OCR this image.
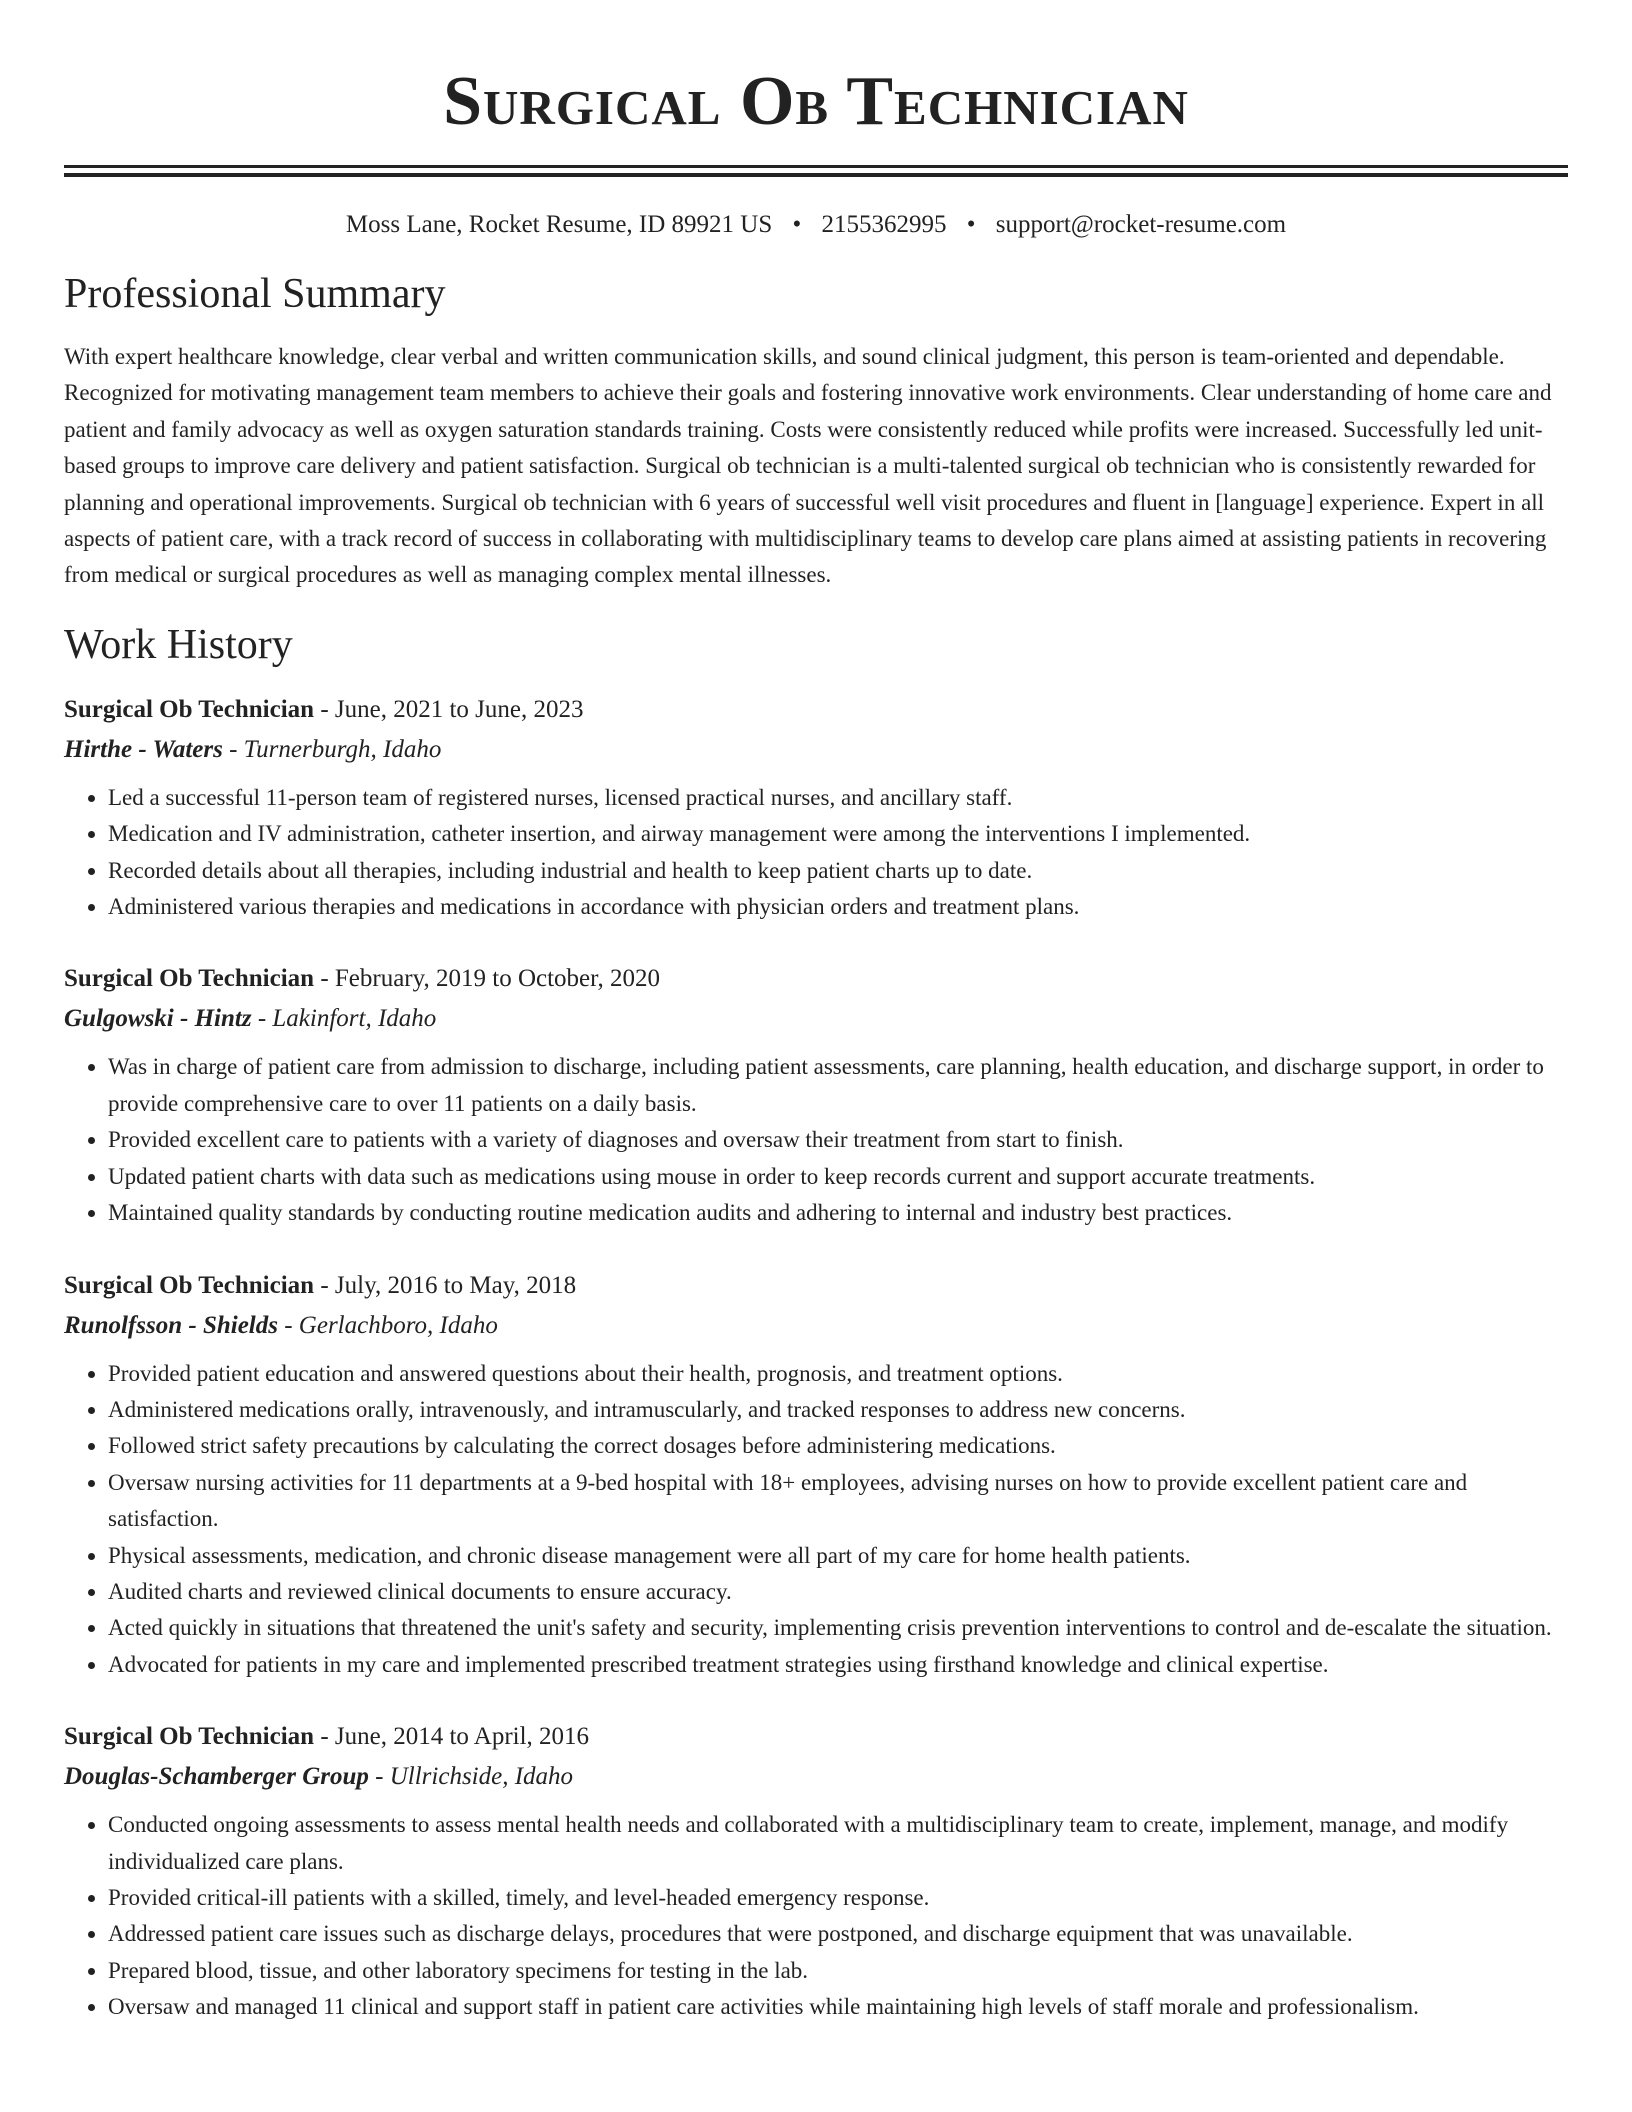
Surgical Ob Technician
Moss Lane, Rocket Resume, ID 89921 US • 2155362995 • support@rocket-resume.com
Professional Summary

With expert healthcare knowledge, clear verbal and written communication skills, and sound clinical judgment, this person is team-oriented and dependable. Recognized for motivating management team members to achieve their goals and fostering innovative work environments. Clear understanding of home care and patient and family advocacy as well as oxygen saturation standards training. Costs were consistently reduced while profits were increased. Successfully led unit-based groups to improve care delivery and patient satisfaction. Surgical ob technician is a multi-talented surgical ob technician who is consistently rewarded for planning and operational improvements. Surgical ob technician with 6 years of successful well visit procedures and fluent in [language] experience. Expert in all aspects of patient care, with a track record of success in collaborating with multidisciplinary teams to develop care plans aimed at assisting patients in recovering from medical or surgical procedures as well as managing complex mental illnesses.

Work History
Surgical Ob Technician - June, 2021 to June, 2023
Hirthe - Waters - Turnerburgh, Idaho
• Led a successful 11-person team of registered nurses, licensed practical nurses, and ancillary staff.
• Medication and IV administration, catheter insertion, and airway management were among the interventions I implemented.
• Recorded details about all therapies, including industrial and health to keep patient charts up to date.
• Administered various therapies and medications in accordance with physician orders and treatment plans.
Surgical Ob Technician - February, 2019 to October, 2020
Gulgowski - Hintz - Lakinfort, Idaho
• Was in charge of patient care from admission to discharge, including patient assessments, care planning, health education, and discharge support, in order to provide comprehensive care to over 11 patients on a daily basis.
• Provided excellent care to patients with a variety of diagnoses and oversaw their treatment from start to finish.
• Updated patient charts with data such as medications using mouse in order to keep records current and support accurate treatments.
• Maintained quality standards by conducting routine medication audits and adhering to internal and industry best practices.
Surgical Ob Technician - July, 2016 to May, 2018
Runolfsson - Shields - Gerlachboro, Idaho
• Provided patient education and answered questions about their health, prognosis, and treatment options.
• Administered medications orally, intravenously, and intramuscularly, and tracked responses to address new concerns.
• Followed strict safety precautions by calculating the correct dosages before administering medications.
• Oversaw nursing activities for 11 departments at a 9-bed hospital with 18+ employees, advising nurses on how to provide excellent patient care and satisfaction.
• Physical assessments, medication, and chronic disease management were all part of my care for home health patients.
• Audited charts and reviewed clinical documents to ensure accuracy.
• Acted quickly in situations that threatened the unit's safety and security, implementing crisis prevention interventions to control and de-escalate the situation.
• Advocated for patients in my care and implemented prescribed treatment strategies using firsthand knowledge and clinical expertise.
Surgical Ob Technician - June, 2014 to April, 2016
Douglas-Schamberger Group - Ullrichside, Idaho
• Conducted ongoing assessments to assess mental health needs and collaborated with a multidisciplinary team to create, implement, manage, and modify individualized care plans.
• Provided critical-ill patients with a skilled, timely, and level-headed emergency response.
• Addressed patient care issues such as discharge delays, procedures that were postponed, and discharge equipment that was unavailable.
• Prepared blood, tissue, and other laboratory specimens for testing in the lab.
• Oversaw and managed 11 clinical and support staff in patient care activities while maintaining high levels of staff morale and professionalism.
